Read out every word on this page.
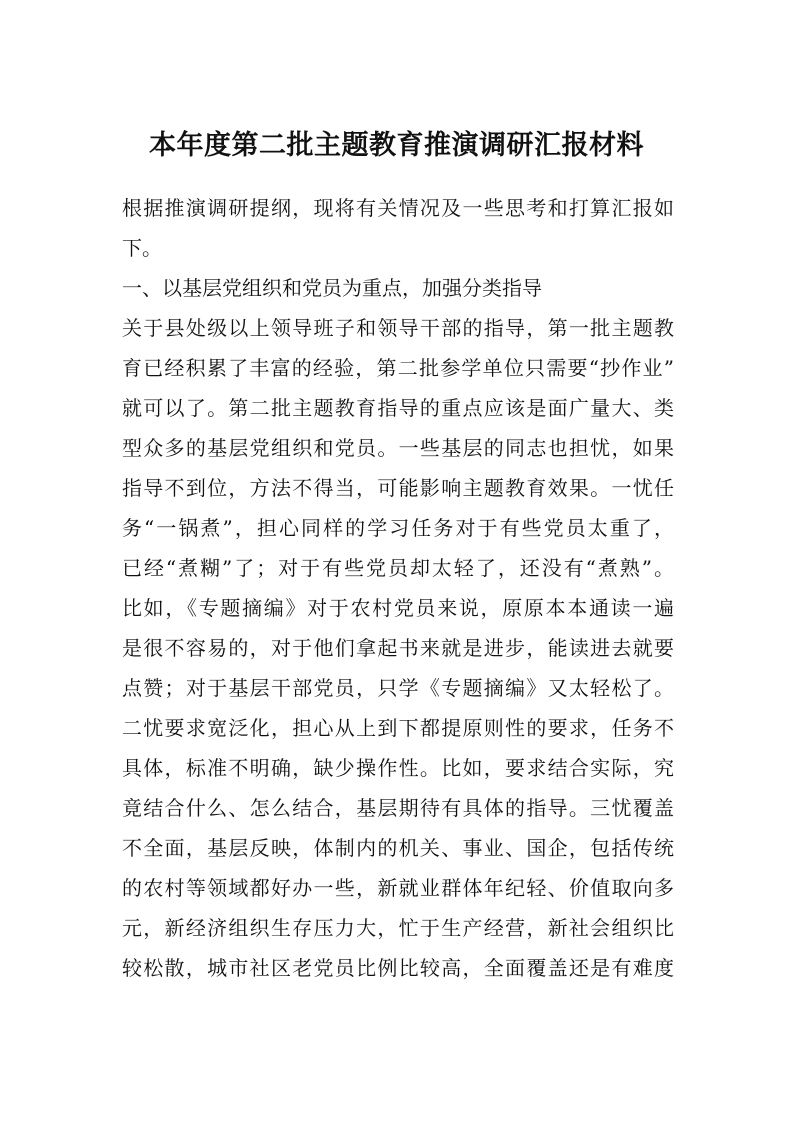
本年度第二批主题教育推演调研汇报材料
根据推演调研提纲，现将有关情况及一些思考和打算汇报如
下。
一、以基层党组织和党员为重点，加强分类指导
关于县处级以上领导班子和领导干部的指导，第一批主题教
育已经积累了丰富的经验，第二批参学单位只需要“抄作业”
就可以了。第二批主题教育指导的重点应该是面广量大、类
型众多的基层党组织和党员。一些基层的同志也担忧，如果
指导不到位，方法不得当，可能影响主题教育效果。一忧任
务“一锅煮”，担心同样的学习任务对于有些党员太重了，
已经“煮糊”了；对于有些党员却太轻了，还没有“煮熟”。
比如，《专题摘编》对于农村党员来说，原原本本通读一遍
是很不容易的，对于他们拿起书来就是进步，能读进去就要
点赞；对于基层干部党员，只学《专题摘编》又太轻松了。
二忧要求宽泛化，担心从上到下都提原则性的要求，任务不
具体，标准不明确，缺少操作性。比如，要求结合实际，究
竟结合什么、怎么结合，基层期待有具体的指导。三忧覆盖
不全面，基层反映，体制内的机关、事业、国企，包括传统
的农村等领域都好办一些，新就业群体年纪轻、价值取向多
元，新经济组织生存压力大，忙于生产经营，新社会组织比
较松散，城市社区老党员比例比较高，全面覆盖还是有难度
